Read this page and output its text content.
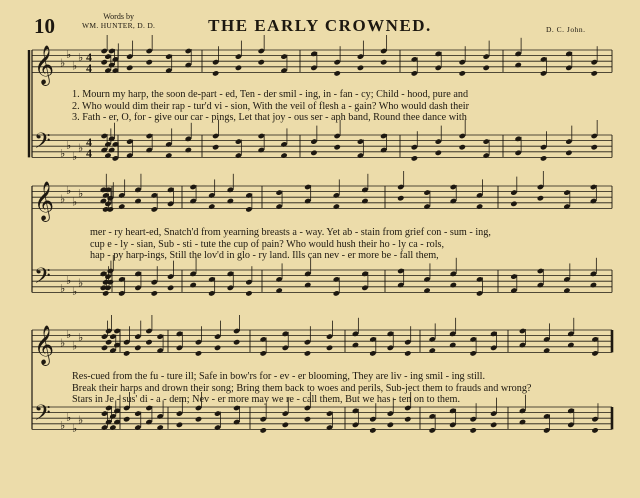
10	Words by
WM. HUNTER, D. D.	THE EARLY CROWNED.	D. C. John.
𝄞 ♭
♭
♭
♭ 4
4
𝄢 ♭
♭
♭
♭ 4
4
𝄞 ♭
♭
♭
♭
𝄢 ♭
♭
♭
♭
𝄞 ♭
♭
♭
♭
𝄢 ♭
♭
♭
♭
1. Mourn my harp, the soon de-part - ed, Ten - der smil - ing, in - fan - cy; Child - hood, pure and
2. Who would dim their rap - tur'd vi - sion, With the veil of flesh a - gain? Who would dash their
3. Fath - er, O, for - give our car - pings, Let that joy - ous ser - aph band, Round thee dance with
mer - ry heart-ed, Snatch'd from yearning breasts a - way. Yet ab - stain from grief con - sum - ing,
cup e - ly - sian, Sub - sti - tute the cup of pain? Who would hush their ho - ly ca - rols,
hap - py harp-ings, Still the lov'd in glo - ry land. Ills can nev - er more be - fall them,
Res-cued from the fu - ture ill; Safe in bow'rs for - ev - er blooming, They are liv - ing smil - ing still.
Break their harps and drown their song; Bring them back to woes and perils, Sub-ject them to frauds and wrong?
Stars in Je - sus' di - a - dem; Nev - er more may we re - call them, But we has - ten on to them.
